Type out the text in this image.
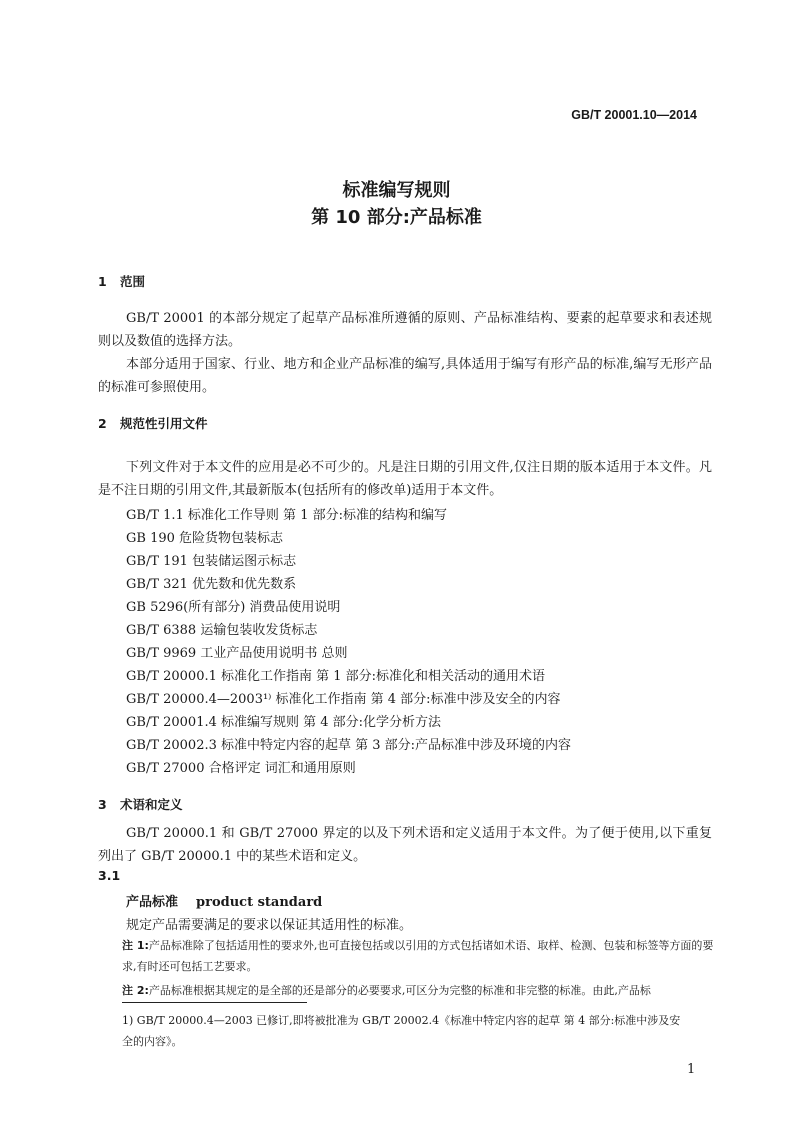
GB/T 20001.10—2014
标准编写规则
第 10 部分:产品标准
1 范围
GB/T 20001 的本部分规定了起草产品标准所遵循的原则、产品标准结构、要素的起草要求和表述规则以及数值的选择方法。
本部分适用于国家、行业、地方和企业产品标准的编写,具体适用于编写有形产品的标准,编写无形产品的标准可参照使用。
2 规范性引用文件
下列文件对于本文件的应用是必不可少的。凡是注日期的引用文件,仅注日期的版本适用于本文件。凡是不注日期的引用文件,其最新版本(包括所有的修改单)适用于本文件。
GB/T 1.1 标准化工作导则 第 1 部分:标准的结构和编写
GB 190 危险货物包装标志
GB/T 191 包装储运图示标志
GB/T 321 优先数和优先数系
GB 5296(所有部分) 消费品使用说明
GB/T 6388 运输包装收发货标志
GB/T 9969 工业产品使用说明书 总则
GB/T 20000.1 标准化工作指南 第 1 部分:标准化和相关活动的通用术语
GB/T 20000.4—2003¹⁾ 标准化工作指南 第 4 部分:标准中涉及安全的内容
GB/T 20001.4 标准编写规则 第 4 部分:化学分析方法
GB/T 20002.3 标准中特定内容的起草 第 3 部分:产品标准中涉及环境的内容
GB/T 27000 合格评定 词汇和通用原则
3 术语和定义
GB/T 20000.1 和 GB/T 27000 界定的以及下列术语和定义适用于本文件。为了便于使用,以下重复列出了 GB/T 20000.1 中的某些术语和定义。
3.1
产品标准 product standard
规定产品需要满足的要求以保证其适用性的标准。
注 1:产品标准除了包括适用性的要求外,也可直接包括或以引用的方式包括诸如术语、取样、检测、包装和标签等方面的要求,有时还可包括工艺要求。
注 2:产品标准根据其规定的是全部的还是部分的必要要求,可区分为完整的标准和非完整的标准。由此,产品标
1) GB/T 20000.4—2003 已修订,即将被批准为 GB/T 20002.4《标准中特定内容的起草 第 4 部分:标准中涉及安全的内容》。
1
